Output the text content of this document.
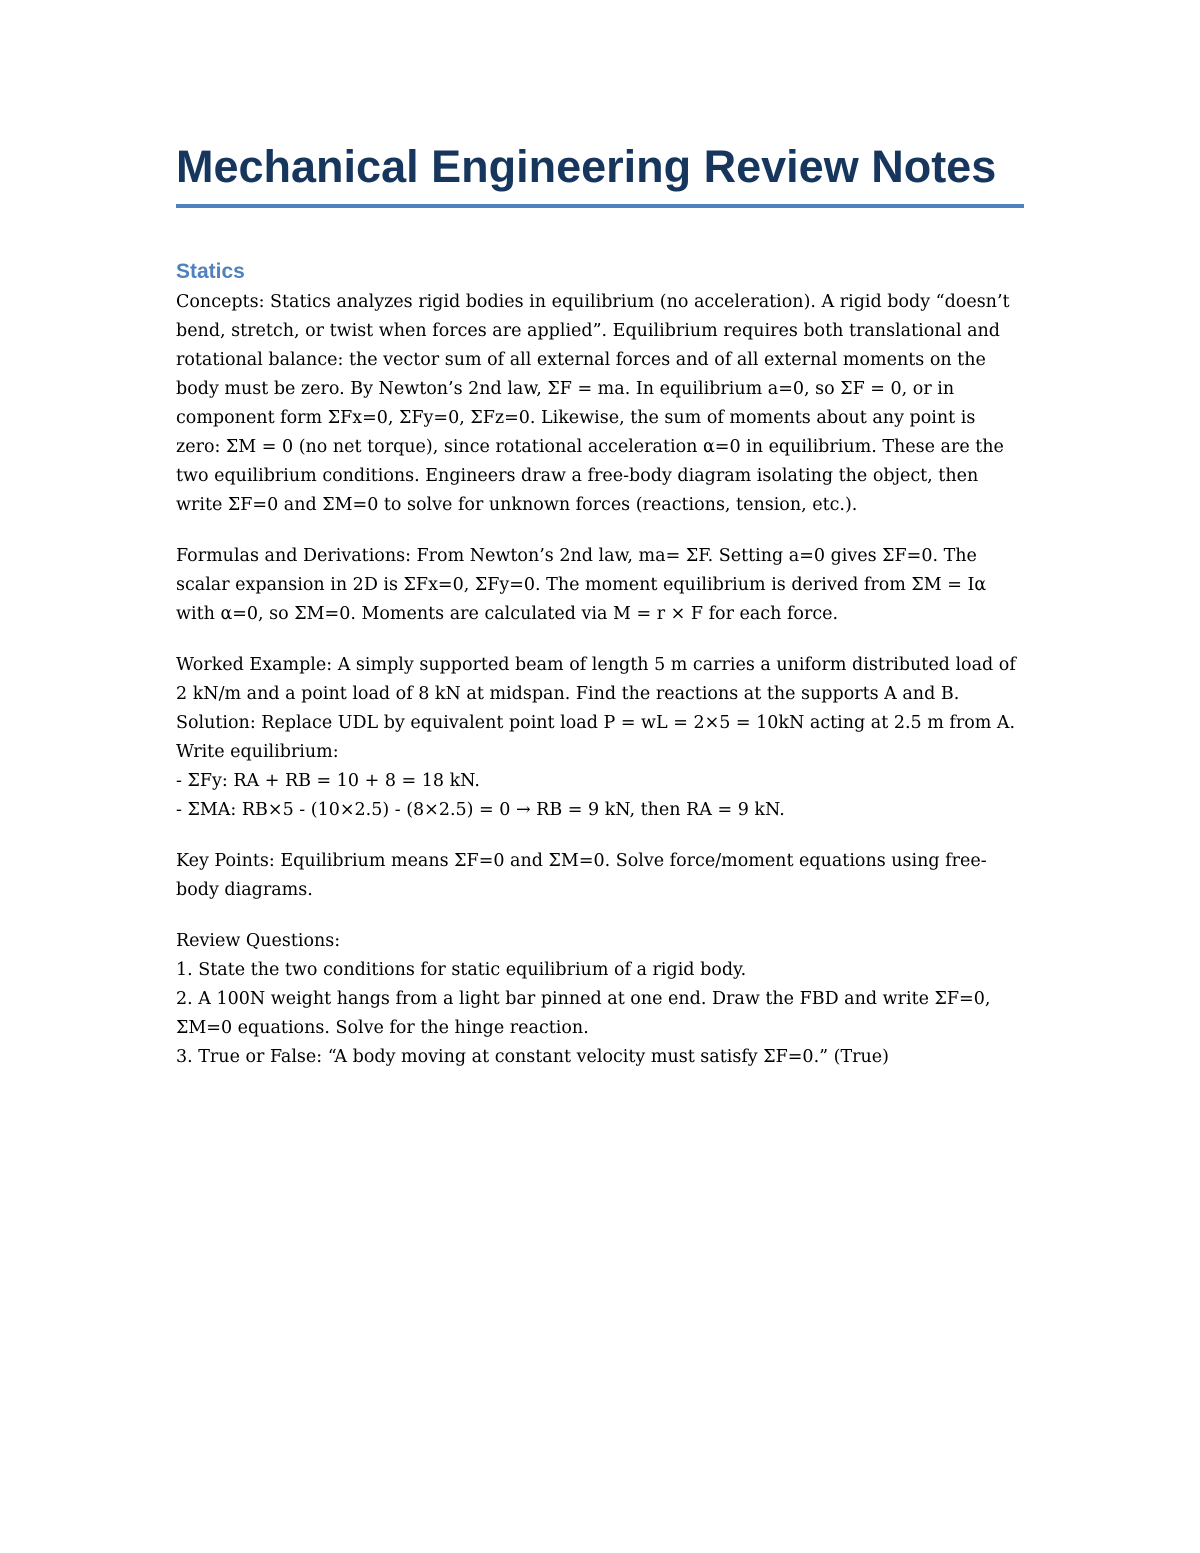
Mechanical Engineering Review Notes
Statics

Concepts: Statics analyzes rigid bodies in equilibrium (no acceleration). A rigid body “doesn’t bend, stretch, or twist when forces are applied”. Equilibrium requires both translational and rotational balance: the vector sum of all external forces and of all external moments on the body must be zero. By Newton’s 2nd law, ΣF = ma. In equilibrium a=0, so ΣF = 0, or in component form ΣFx=0, ΣFy=0, ΣFz=0. Likewise, the sum of moments about any point is zero: ΣM = 0 (no net torque), since rotational acceleration α=0 in equilibrium. These are the two equilibrium conditions. Engineers draw a free-body diagram isolating the object, then write ΣF=0 and ΣM=0 to solve for unknown forces (reactions, tension, etc.).

Formulas and Derivations: From Newton’s 2nd law, ma= ΣF. Setting a=0 gives ΣF=0. The scalar expansion in 2D is ΣFx=0, ΣFy=0. The moment equilibrium is derived from ΣM = Iα with α=0, so ΣM=0. Moments are calculated via M = r × F for each force.

Worked Example: A simply supported beam of length 5 m carries a uniform distributed load of 2 kN/m and a point load of 8 kN at midspan. Find the reactions at the supports A and B.
Solution: Replace UDL by equivalent point load P = wL = 2×5 = 10kN acting at 2.5 m from A. Write equilibrium:
- ΣFy: RA + RB = 10 + 8 = 18 kN.
- ΣMA: RB×5 - (10×2.5) - (8×2.5) = 0 → RB = 9 kN, then RA = 9 kN.

Key Points: Equilibrium means ΣF=0 and ΣM=0. Solve force/moment equations using free-body diagrams.

Review Questions:
1. State the two conditions for static equilibrium of a rigid body.
2. A 100N weight hangs from a light bar pinned at one end. Draw the FBD and write ΣF=0, ΣM=0 equations. Solve for the hinge reaction.
3. True or False: “A body moving at constant velocity must satisfy ΣF=0.” (True)
